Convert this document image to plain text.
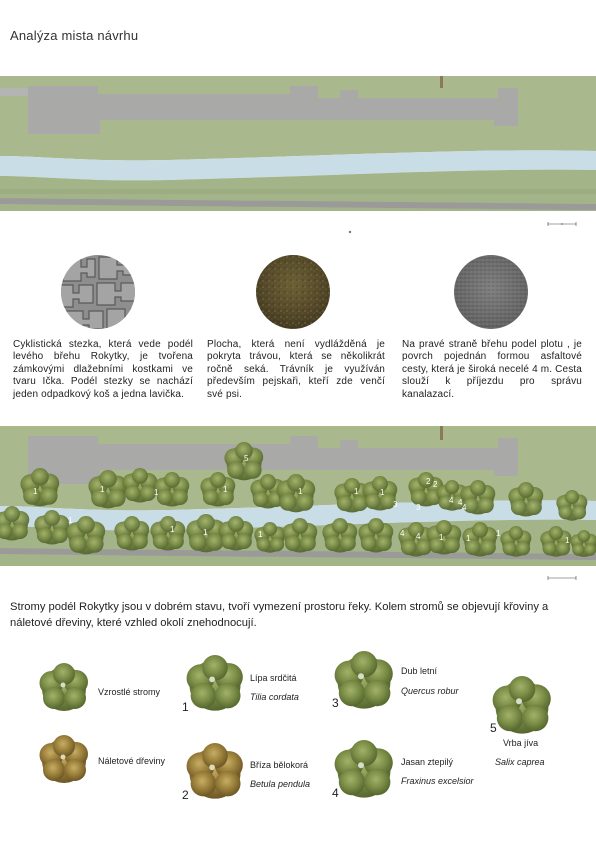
Analýza mista návrhu
Cyklistická stezka, která vede podél levého břehu Rokytky, je tvořena zámkovými dlažebními kostkami ve tvaru Ička. Podél stezky se nachází jeden odpadkový koš a jedna lavička.
Plocha, která není vydlážděná je pokryta trávou, která se několikrát ročně seká. Trávník je využíván především pejskaři, kteří zde venčí své psi.
Na pravé straně břehu podel plotu , je povrch pojednán formou asfaltové cesty, která je široká necelé 4 m. Cesta slouží k příjezdu pro správu kanalazací.
1	1
1
1	1	1	1	1
1
1
1
1
1	1
1
2 2
3 3
4
4
4
4
4
5
Stromy podél Rokytky jsou v dobrém stavu, tvoří vymezení prostoru řeky. Kolem stromů se objevují křoviny a náletové dřeviny, které vzhled okolí znehodnocují.
Vzrostlé stromy
Náletové dřeviny
1
Lípa srdčitá
Tilia cordata
2
Bříza bělokorá
Betula pendula
3
Dub letní
Quercus robur
4
Jasan ztepilý
Fraxinus excelsior
5
Vrba jíva
Salix caprea
